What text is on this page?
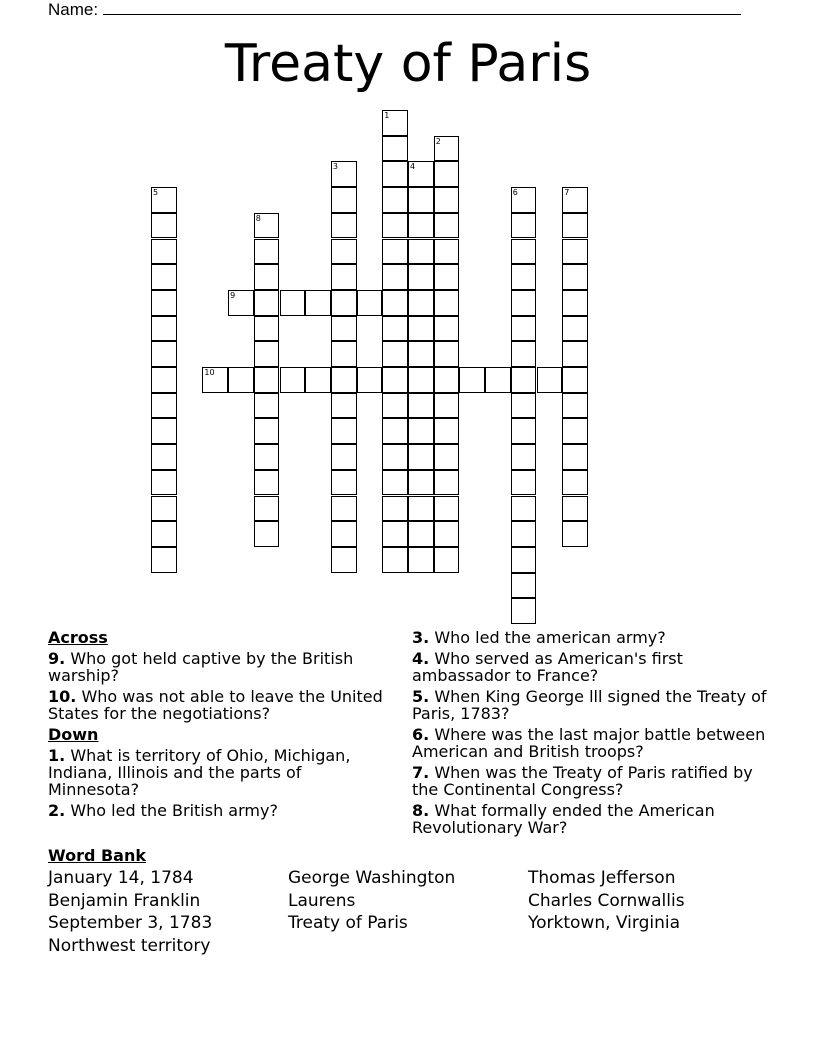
Name:
Treaty of Paris
1
2
3	4
5	6	7
8
9
10
Across
9. Who got held captive by the British warship?
10. Who was not able to leave the United States for the negotiations?
Down
1. What is territory of Ohio, Michigan, Indiana, Illinois and the parts of Minnesota?
2. Who led the British army?
3. Who led the american army?
4. Who served as American's first ambassador to France?
5. When King George lll signed the Treaty of Paris, 1783?
6. Where was the last major battle between American and British troops?
7. When was the Treaty of Paris ratified by the Continental Congress?
8. What formally ended the American Revolutionary War?
Word Bank
January 14, 1784
Benjamin Franklin
September 3, 1783
Northwest territory
George Washington
Laurens
Treaty of Paris
Thomas Jefferson
Charles Cornwallis
Yorktown, Virginia
